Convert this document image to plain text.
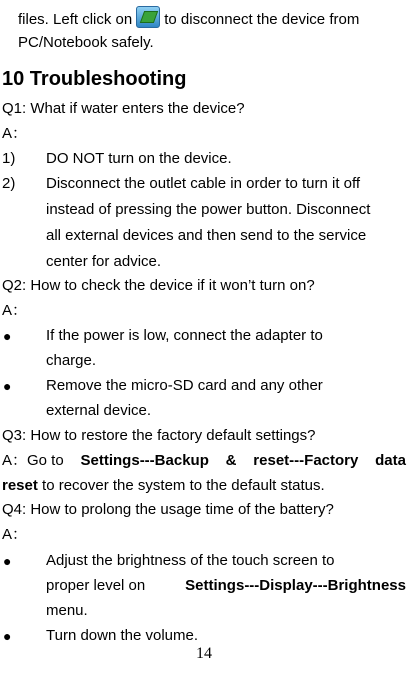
files. Left click on to disconnect the device from
PC/Notebook safely.
10 Troubleshooting
Q1: What if water enters the device?
A：
1) DO NOT turn on the device.
2) Disconnect the outlet cable in order to turn it off
instead of pressing the power button. Disconnect
all external devices and then send to the service
center for advice.
Q2: How to check the device if it won’t turn on?
A：
● If the power is low, connect the adapter to
charge.
● Remove the micro-SD card and any other
external device.
Q3: How to restore the factory default settings?
A：Go to Settings---Backup & reset---Factory data
reset to recover the system to the default status.
Q4: How to prolong the usage time of the battery?
A：
● Adjust the brightness of the touch screen to
proper level on	Settings---Display---Brightness
menu.
● Turn down the volume.
14
